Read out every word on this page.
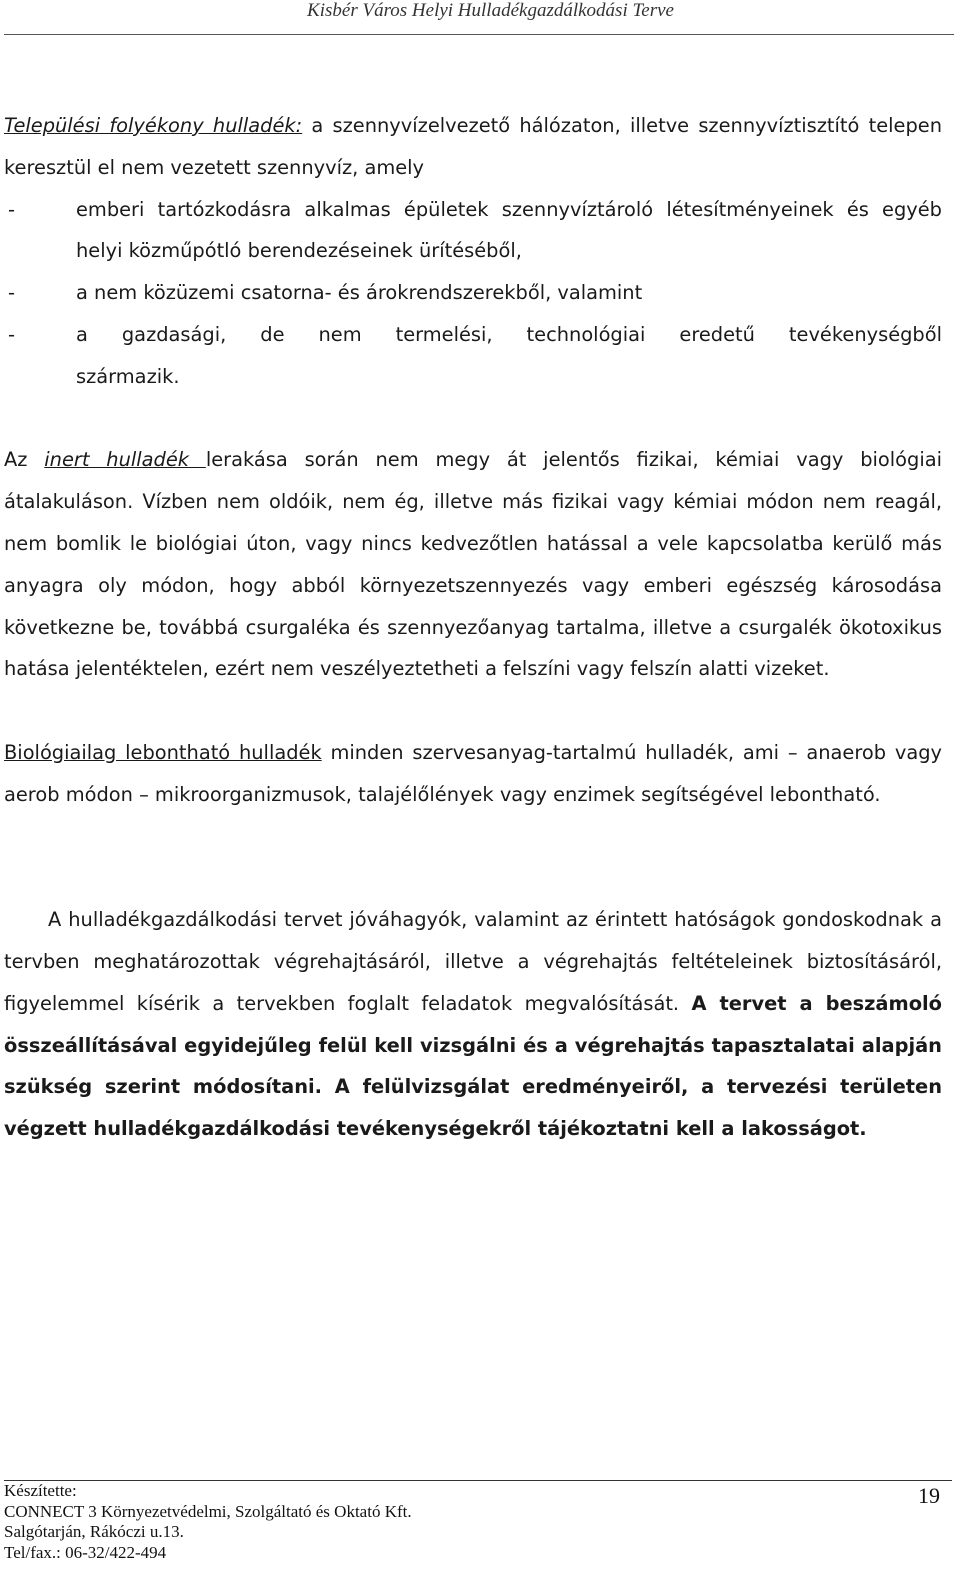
Kisbér Város Helyi Hulladékgazdálkodási Terve

Települési folyékony hulladék: a szennyvízelvezető hálózaton, illetve szennyvíztisztító telepen keresztül el nem vezetett szennyvíz, amely

-	emberi tartózkodásra alkalmas épületek szennyvíztároló létesítményeinek és egyéb helyi közműpótló berendezéseinek ürítéséből,
-	a nem közüzemi csatorna- és árokrendszerekből, valamint
-	a gazdasági, de nem termelési, technológiai eredetű tevékenységből

származik.

Az inert hulladék lerakása során nem megy át jelentős fizikai, kémiai vagy biológiai átalakuláson. Vízben nem oldóik, nem ég, illetve más fizikai vagy kémiai módon nem reagál, nem bomlik le biológiai úton, vagy nincs kedvezőtlen hatással a vele kapcsolatba kerülő más anyagra oly módon, hogy abból környezetszennyezés vagy emberi egészség károsodása következne be, továbbá csurgaléka és szennyezőanyag tartalma, illetve a csurgalék ökotoxikus hatása jelentéktelen, ezért nem veszélyeztetheti a felszíni vagy felszín alatti vizeket.

Biológiailag lebontható hulladék minden szervesanyag-tartalmú hulladék, ami – anaerob vagy aerob módon – mikroorganizmusok, talajélőlények vagy enzimek segítségével lebontható.

A hulladékgazdálkodási tervet jóváhagyók, valamint az érintett hatóságok gondoskodnak a tervben meghatározottak végrehajtásáról, illetve a végrehajtás feltételeinek biztosításáról, figyelemmel kísérik a tervekben foglalt feladatok megvalósítását. A tervet a beszámoló összeállításával egyidejűleg felül kell vizsgálni és a végrehajtás tapasztalatai alapján szükség szerint módosítani. A felülvizsgálat eredményeiről, a tervezési területen végzett hulladékgazdálkodási tevékenységekről tájékoztatni kell a lakosságot.

Készítette:
CONNECT 3 Környezetvédelmi, Szolgáltató és Oktató Kft.
Salgótarján, Rákóczi u.13.
Tel/fax.: 06-32/422-494
19
